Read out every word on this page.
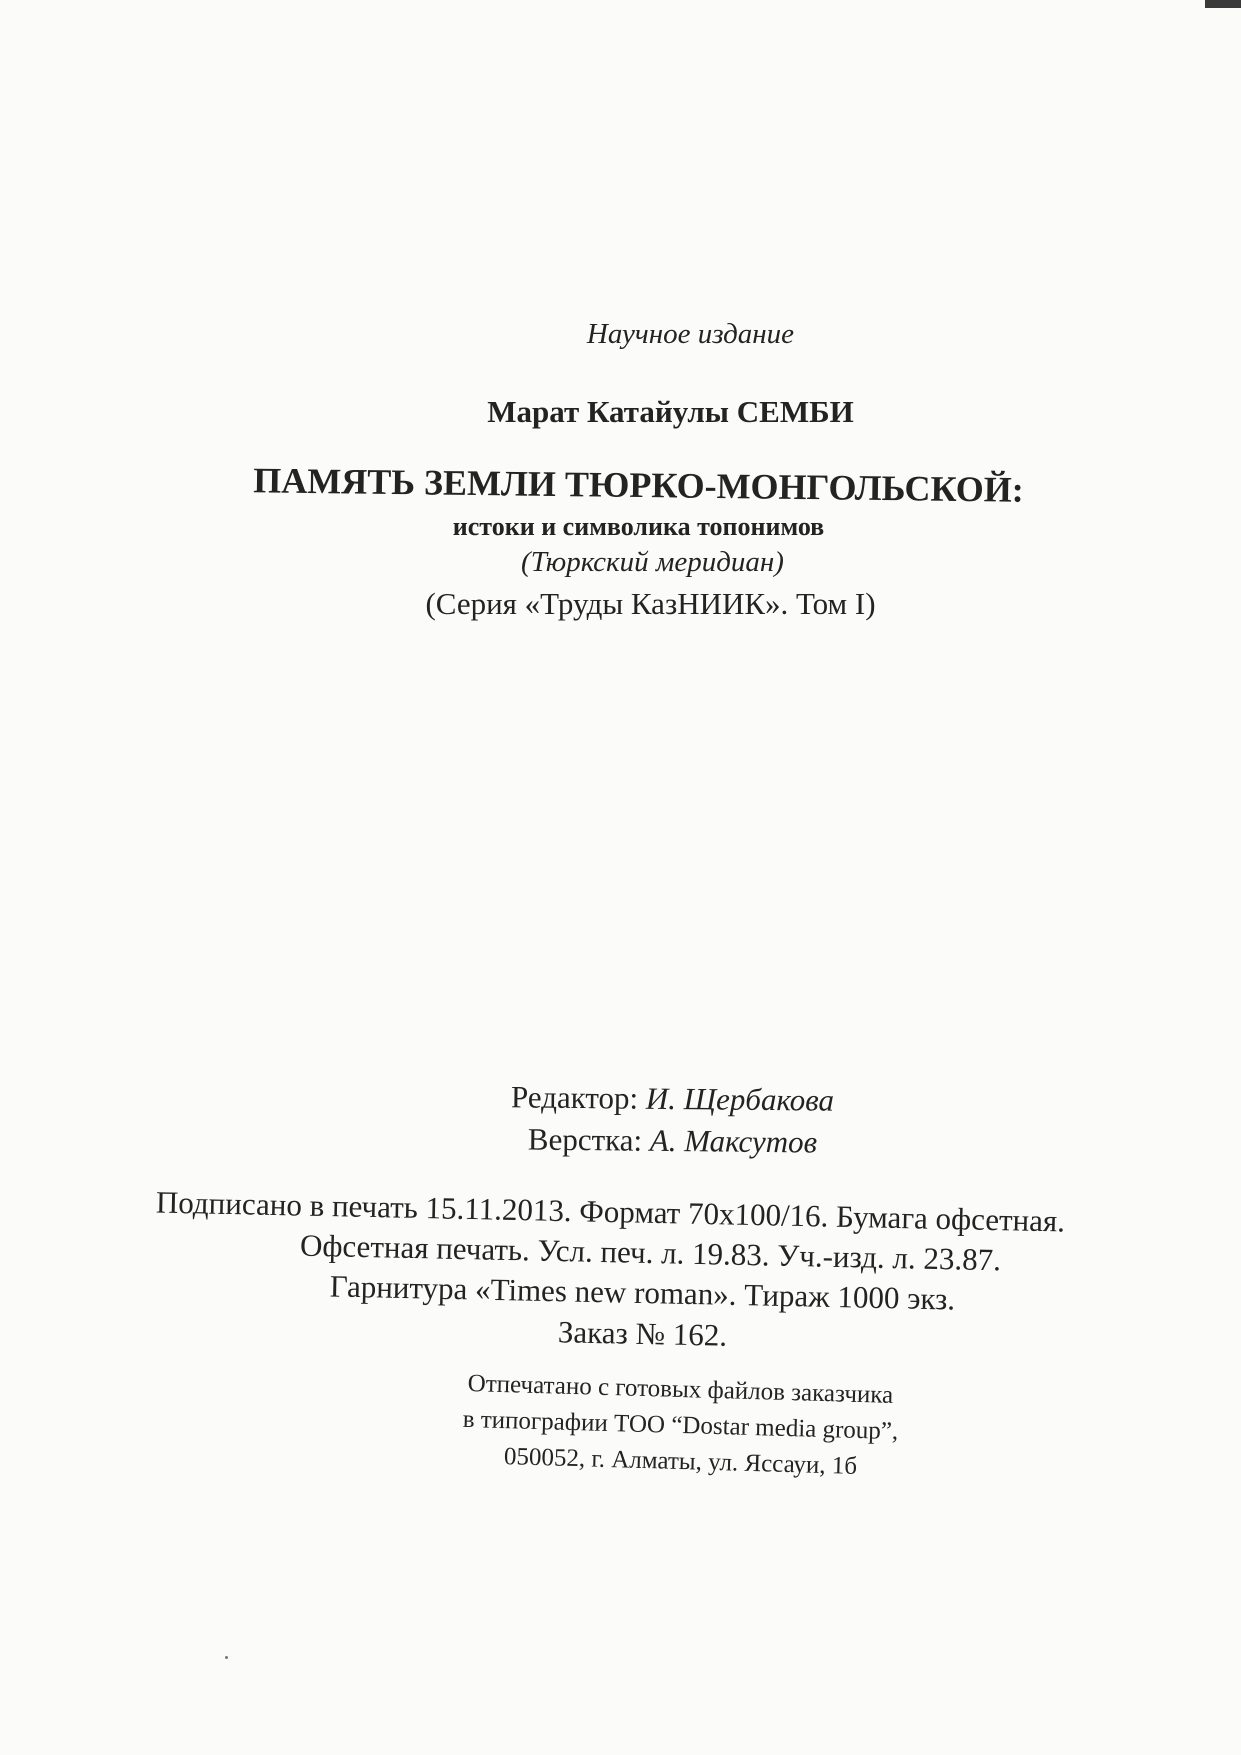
Научное издание

Марат Катайулы СЕМБИ

ПАМЯТЬ ЗЕМЛИ ТЮРКО-МОНГОЛЬСКОЙ:

истоки и символика топонимов

(Тюркский меридиан)

(Серия «Труды КазНИИК». Том I)

Редактор: И. Щербакова

Верстка: А. Максутов

Подписано в печать 15.11.2013. Формат 70x100/16. Бумага офсетная.

Офсетная печать. Усл. печ. л. 19.83. Уч.-изд. л. 23.87.

Гарнитура «Times new roman». Тираж 1000 экз.

Заказ № 162.

Отпечатано с готовых файлов заказчика

в типографии ТОО “Dostar media group”,

050052, г. Алматы, ул. Яссауи, 1б
